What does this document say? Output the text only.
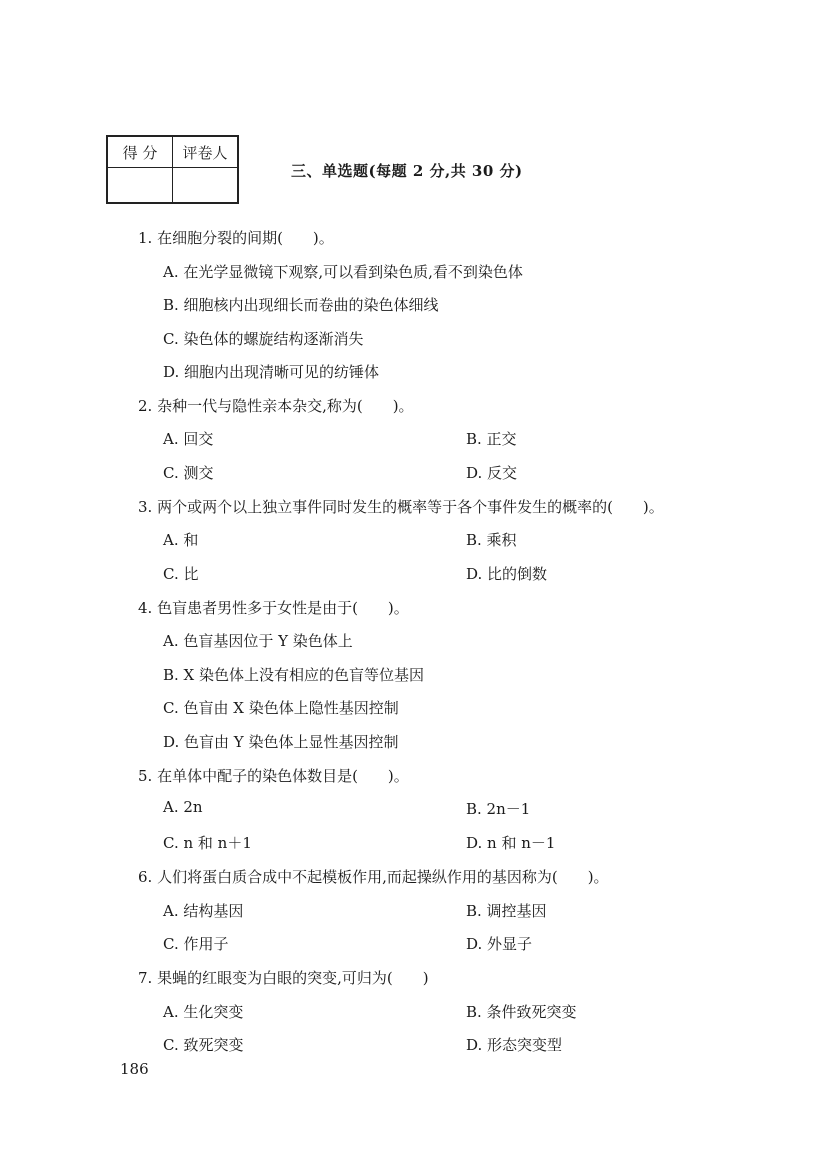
得 分	评卷人

三、单选题(每题 2 分,共 30 分)
1. 在细胞分裂的间期(　　)。
A. 在光学显微镜下观察,可以看到染色质,看不到染色体
B. 细胞核内出现细长而卷曲的染色体细线
C. 染色体的螺旋结构逐渐消失
D. 细胞内出现清晰可见的纺锤体
2. 杂种一代与隐性亲本杂交,称为(　　)。
A. 回交	B. 正交
C. 测交	D. 反交
3. 两个或两个以上独立事件同时发生的概率等于各个事件发生的概率的(　　)。
A. 和	B. 乘积
C. 比	D. 比的倒数
4. 色盲患者男性多于女性是由于(　　)。
A. 色盲基因位于 Y 染色体上
B. X 染色体上没有相应的色盲等位基因
C. 色盲由 X 染色体上隐性基因控制
D. 色盲由 Y 染色体上显性基因控制
5. 在单体中配子的染色体数目是(　　)。
A. 2n	B. 2n－1
C. n 和 n＋1	D. n 和 n－1
6. 人们将蛋白质合成中不起模板作用,而起操纵作用的基因称为(　　)。
A. 结构基因	B. 调控基因
C. 作用子	D. 外显子
7. 果蝇的红眼变为白眼的突变,可归为(　　)
A. 生化突变	B. 条件致死突变
C. 致死突变	D. 形态突变型
186
